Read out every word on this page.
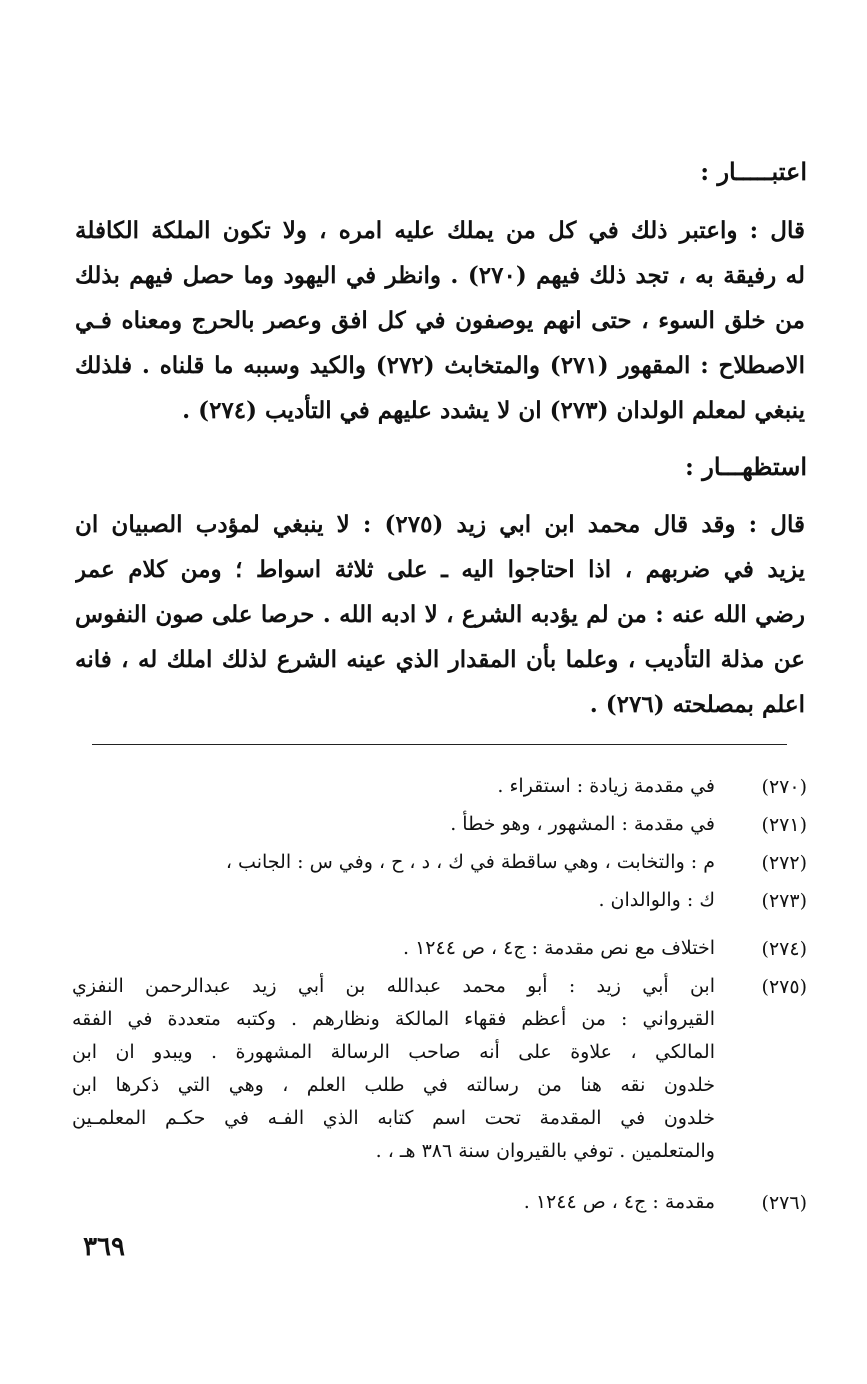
اعتبـــــار :
قال : واعتبر ذلك في كل من يملك عليه امره ، ولا تكون الملكة الكافلة
له رفيقة به ، تجد ذلك فيهم (٢٧٠) . وانظر في اليهود وما حصل فيهم بذلك
من خلق السوء ، حتى انهم يوصفون في كل افق وعصر بالحرج ومعناه فـي
الاصطلاح : المقهور (٢٧١) والمتخابث (٢٧٢) والكيد وسببه ما قلناه . فلذلك
ينبغي لمعلم الولدان (٢٧٣) ان لا يشدد عليهم في التأديب (٢٧٤) .
استظهـــار :
قال : وقد قال محمد ابن ابي زيد (٢٧٥) : لا ينبغي لمؤدب الصبيان ان
يزيد في ضربهم ، اذا احتاجوا اليه ـ على ثلاثة اسواط ؛ ومن كلام عمر
رضي الله عنه : من لم يؤدبه الشرع ، لا ادبه الله . حرصا على صون النفوس
عن مذلة التأديب ، وعلما بأن المقدار الذي عينه الشرع لذلك املك له ، فانه
اعلم بمصلحته (٢٧٦) .
(٢٧٠)
في مقدمة زيادة : استقراء .
(٢٧١)
في مقدمة : المشهور ، وهو خطأ .
(٢٧٢)
م : والتخابت ، وهي ساقطة في ك ، د ، ح ، وفي س : الجانب ،
(٢٧٣)
ك : والوالدان .
(٢٧٤)
اختلاف مع نص مقدمة : ج٤ ، ص ١٢٤٤ .
(٢٧٥)
ابن أبي زيد : أبو محمد عبدالله بن أبي زيد عبدالرحمن النفزي
القيرواني : من أعظم فقهاء المالكة ونظارهم . وكتبه متعددة في الفقه
المالكي ، علاوة على أنه صاحب الرسالة المشهورة . ويبدو ان ابن
خلدون نقه هنا من رسالته في طلب العلم ، وهي التي ذكرها ابن
خلدون في المقدمة تحت اسم كتابه الذي الفـه في حكـم المعلمـين
والمتعلمين . توفي بالقيروان سنة ٣٨٦ هـ ، .
(٢٧٦)
مقدمة : ج٤ ، ص ١٢٤٤ .
٣٦٩
